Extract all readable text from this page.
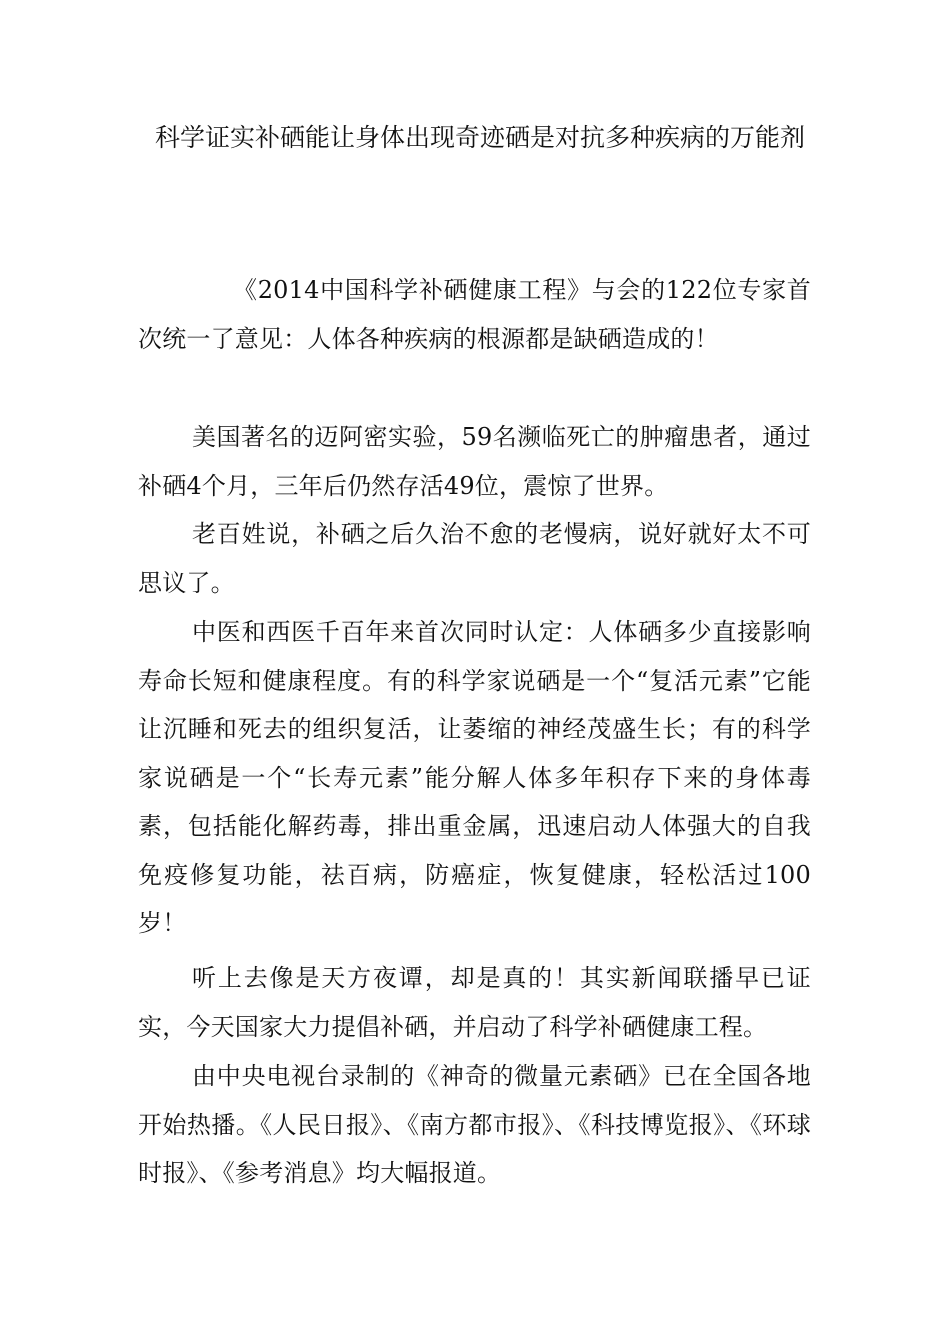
科学证实补硒能让身体出现奇迹硒是对抗多种疾病的万能剂

《2014中国科学补硒健康工程》与会的122位专家首次统一了意见：人体各种疾病的根源都是缺硒造成的！

美国著名的迈阿密实验，59名濒临死亡的肿瘤患者，通过补硒4个月，三年后仍然存活49位，震惊了世界。

老百姓说，补硒之后久治不愈的老慢病，说好就好太不可思议了。

中医和西医千百年来首次同时认定：人体硒多少直接影响寿命长短和健康程度。有的科学家说硒是一个“复活元素”它能让沉睡和死去的组织复活，让萎缩的神经茂盛生长；有的科学家说硒是一个“长寿元素”能分解人体多年积存下来的身体毒素，包括能化解药毒，排出重金属，迅速启动人体强大的自我免疫修复功能，祛百病，防癌症，恢复健康，轻松活过100岁！

听上去像是天方夜谭，却是真的！其实新闻联播早已证实，今天国家大力提倡补硒，并启动了科学补硒健康工程。

由中央电视台录制的《神奇的微量元素硒》已在全国各地开始热播。《人民日报》、《南方都市报》、《科技博览报》、《环球时报》、《参考消息》均大幅报道。
